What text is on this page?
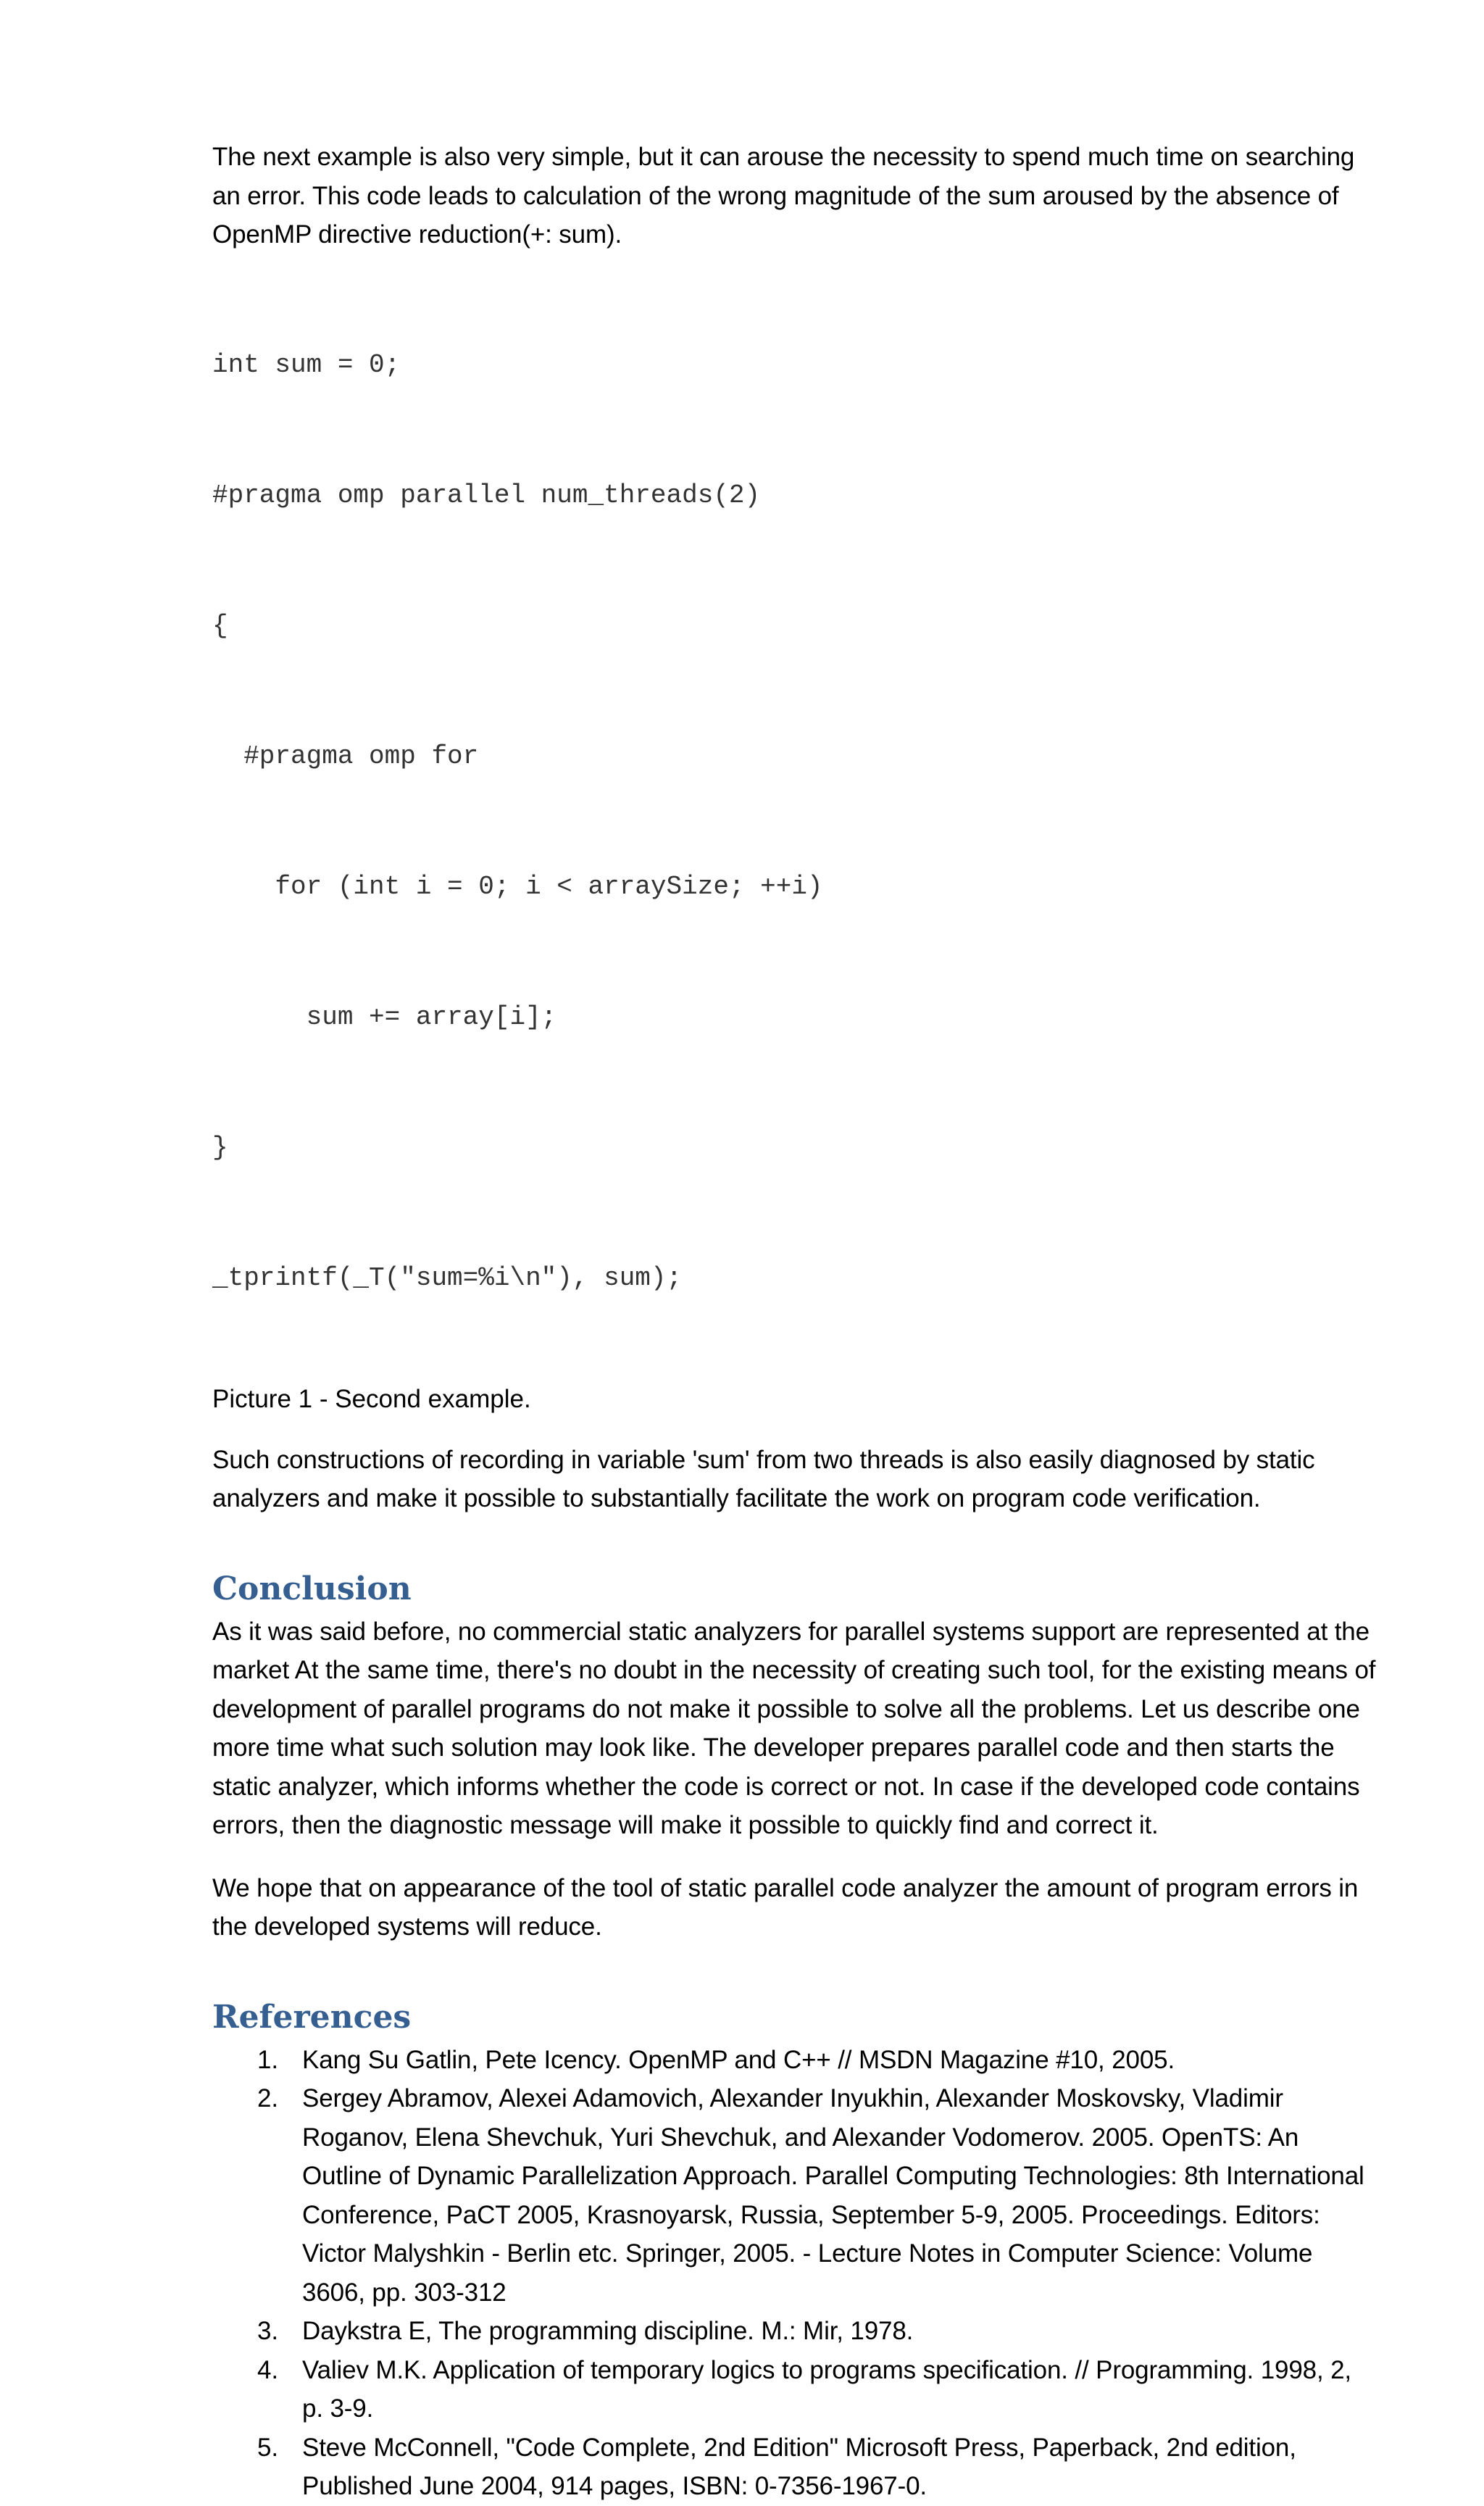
The next example is also very simple, but it can arouse the necessity to spend much time on searching an error. This code leads to calculation of the wrong magnitude of the sum aroused by the absence of OpenMP directive reduction(+: sum).

int sum = 0;

#pragma omp parallel num_threads(2)

{

#pragma omp for

for (int i = 0; i < arraySize; ++i)

sum += array[i];

}

_tprintf(_T("sum=%i\n"), sum);

Picture 1 - Second example.

Such constructions of recording in variable 'sum' from two threads is also easily diagnosed by static analyzers and make it possible to substantially facilitate the work on program code verification.

Conclusion

As it was said before, no commercial static analyzers for parallel systems support are represented at the market At the same time, there's no doubt in the necessity of creating such tool, for the existing means of development of parallel programs do not make it possible to solve all the problems. Let us describe one more time what such solution may look like. The developer prepares parallel code and then starts the static analyzer, which informs whether the code is correct or not. In case if the developed code contains errors, then the diagnostic message will make it possible to quickly find and correct it.

We hope that on appearance of the tool of static parallel code analyzer the amount of program errors in the developed systems will reduce.

References
1. Kang Su Gatlin, Pete Icency. OpenMP and C++ // MSDN Magazine #10, 2005.
2. Sergey Abramov, Alexei Adamovich, Alexander Inyukhin, Alexander Moskovsky, Vladimir Roganov, Elena Shevchuk, Yuri Shevchuk, and Alexander Vodomerov. 2005. OpenTS: An Outline of Dynamic Parallelization Approach. Parallel Computing Technologies: 8th International Conference, PaCT 2005, Krasnoyarsk, Russia, September 5-9, 2005. Proceedings. Editors: Victor Malyshkin - Berlin etc. Springer, 2005. - Lecture Notes in Computer Science: Volume 3606, pp. 303-312
3. Daykstra E, The programming discipline. M.: Mir, 1978.
4. Valiev M.K. Application of temporary logics to programs specification. // Programming. 1998, 2, p. 3-9.
5. Steve McConnell, "Code Complete, 2nd Edition" Microsoft Press, Paperback, 2nd edition, Published June 2004, 914 pages, ISBN: 0-7356-1967-0.
